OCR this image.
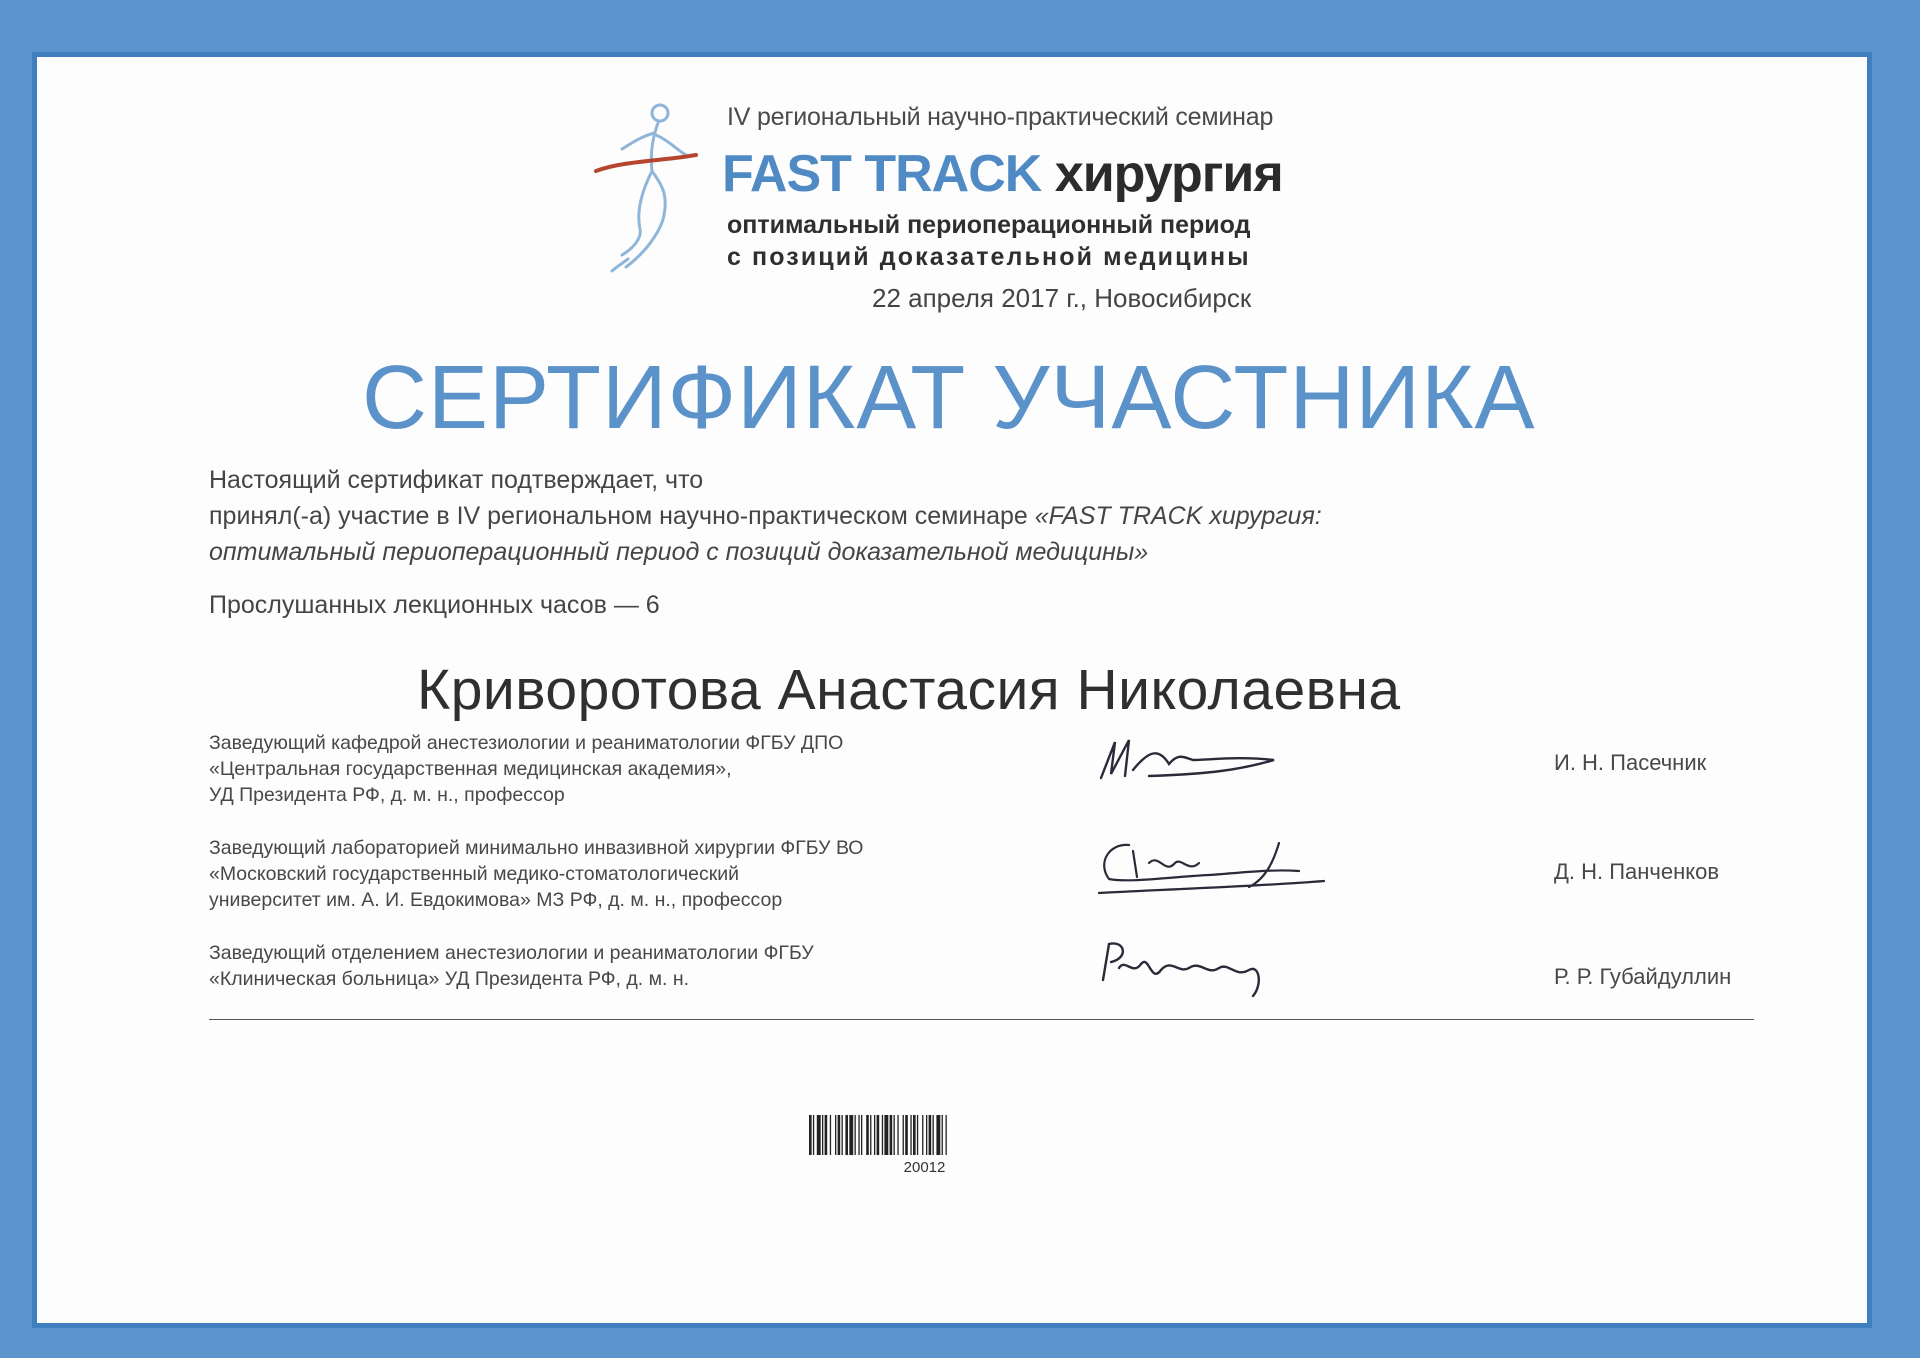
IV региональный научно-практический семинар
FAST TRACK хирургия
оптимальный периоперационный период
с позиций доказательной медицины
22 апреля 2017 г., Новосибирск
СЕРТИФИКАТ УЧАСТНИКА
Настоящий сертификат подтверждает, что
принял(-а) участие в IV региональном научно-практическом семинаре «FAST TRACK хирургия:
оптимальный периоперационный период с позиций доказательной медицины»
Прослушанных лекционных часов — 6
Криворотова Анастасия Николаевна
Заведующий кафедрой анестезиологии и реаниматологии ФГБУ ДПО
«Центральная государственная медицинская академия»,
УД Президента РФ, д. м. н., профессор
И. Н. Пасечник
Заведующий лабораторией минимально инвазивной хирургии ФГБУ ВО
«Московский государственный медико-стоматологический
университет им. А. И. Евдокимова» МЗ РФ, д. м. н., профессор
Д. Н. Панченков
Заведующий отделением анестезиологии и реаниматологии ФГБУ
«Клиническая больница» УД Президента РФ, д. м. н.	Р. Р. Губайдуллин
20012
